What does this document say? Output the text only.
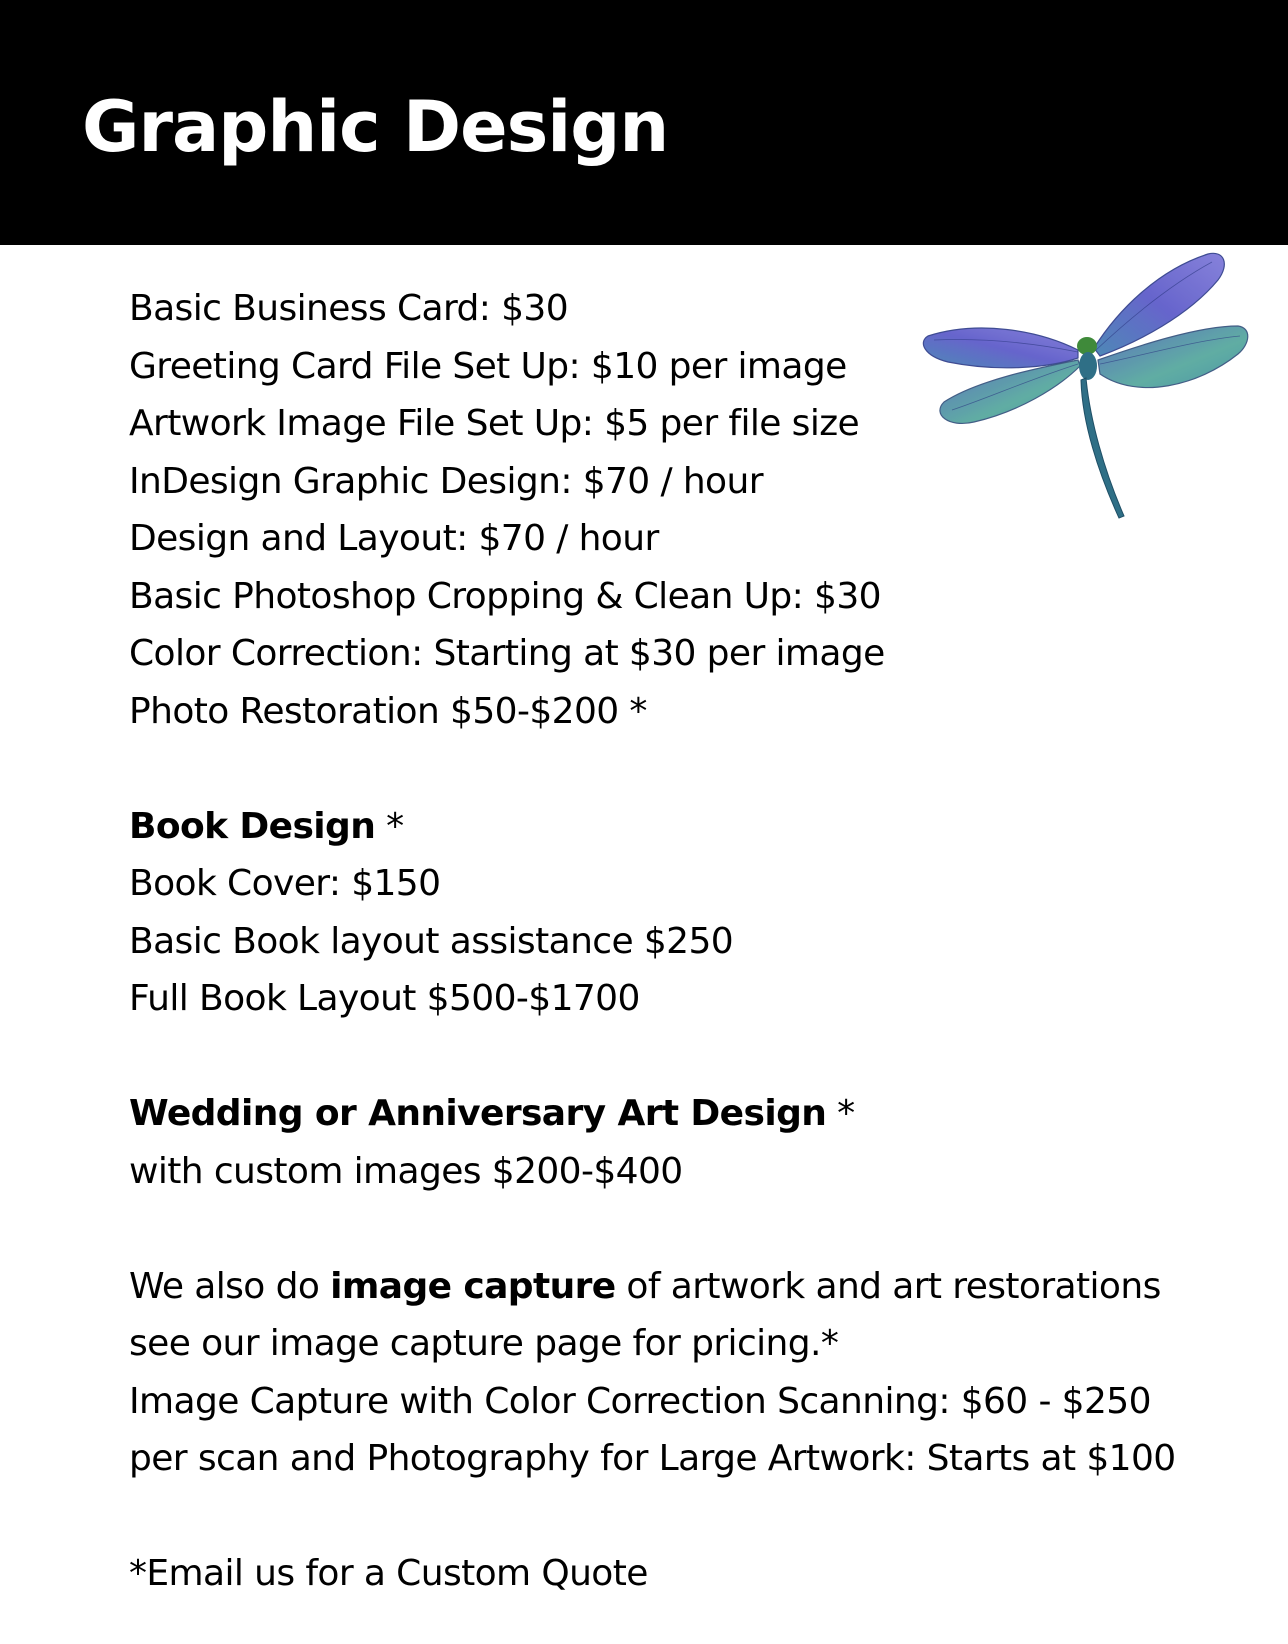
Graphic Design
Basic Business Card: $30
Greeting Card File Set Up: $10 per image
Artwork Image File Set Up: $5 per file size
InDesign Graphic Design: $70 / hour
Design and Layout: $70 / hour
Basic Photoshop Cropping & Clean Up: $30
Color Correction: Starting at $30 per image
Photo Restoration $50-$200 *
Book Design *
Book Cover: $150
Basic Book layout assistance $250
Full Book Layout $500-$1700
Wedding or Anniversary Art Design *
with custom images $200-$400
We also do image capture of artwork and art restorations
see our image capture page for pricing.*
Image Capture with Color Correction Scanning: $60 - $250
per scan and Photography for Large Artwork: Starts at $100
*Email us for a Custom Quote
